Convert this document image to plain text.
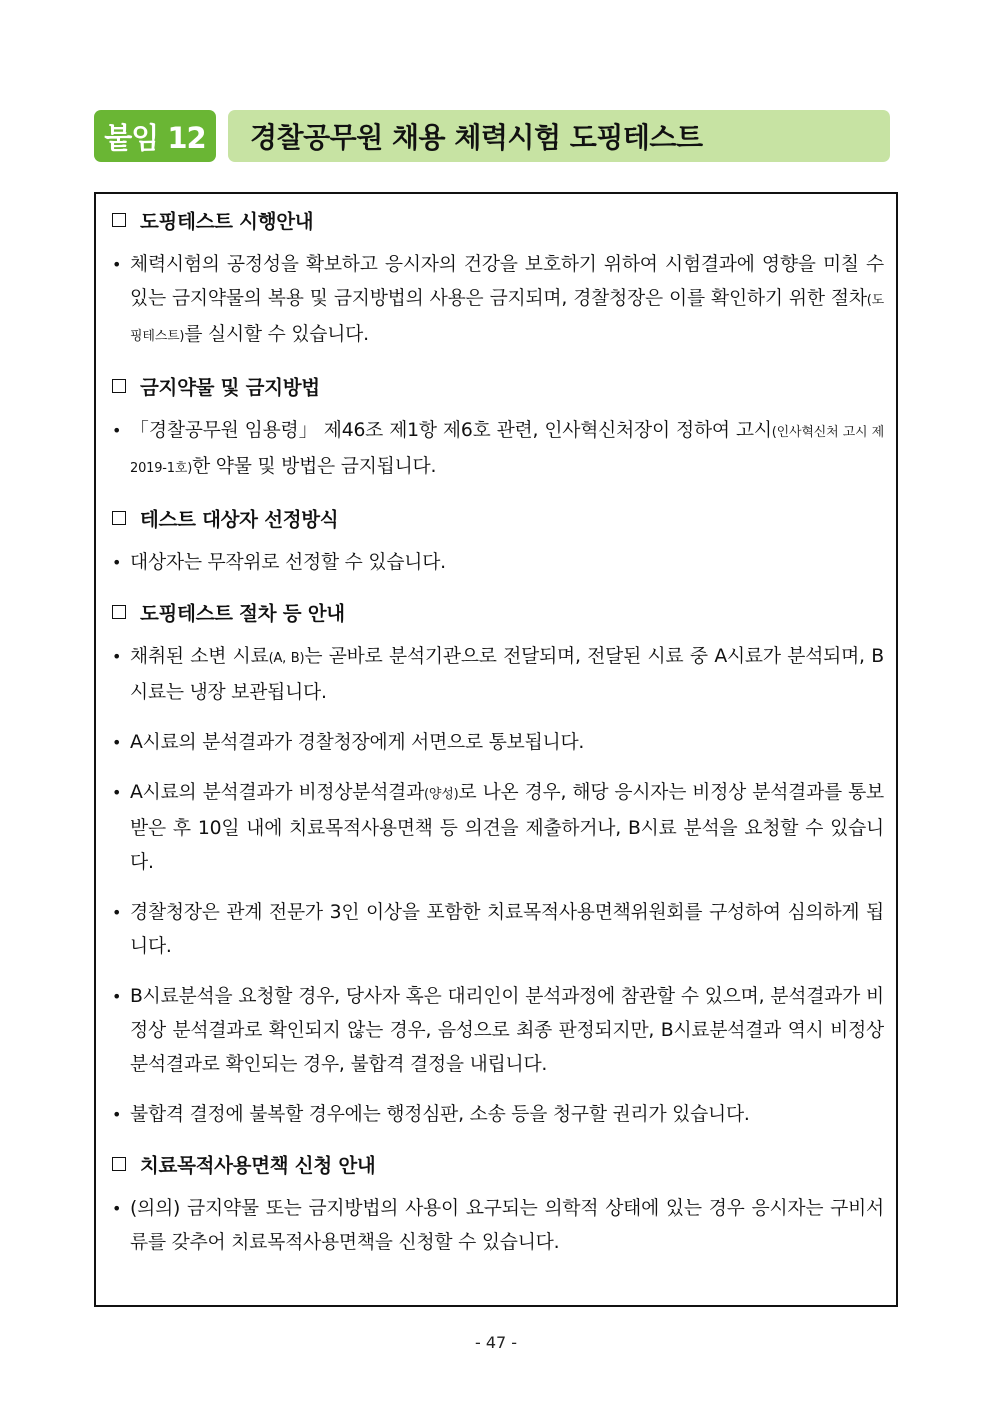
붙임 12	경찰공무원 채용 체력시험 도핑테스트
도핑테스트 시행안내
• 체력시험의 공정성을 확보하고 응시자의 건강을 보호하기 위하여 시험결과에 영향을 미칠 수 있는 금지약물의 복용 및 금지방법의 사용은 금지되며, 경찰청장은 이를 확인하기 위한 절차(도핑테스트)를 실시할 수 있습니다.
금지약물 및 금지방법
• 「경찰공무원 임용령」 제46조 제1항 제6호 관련, 인사혁신처장이 정하여 고시(인사혁신처 고시 제2019-1호)한 약물 및 방법은 금지됩니다.
테스트 대상자 선정방식
• 대상자는 무작위로 선정할 수 있습니다.
도핑테스트 절차 등 안내
• 채취된 소변 시료(A, B)는 곧바로 분석기관으로 전달되며, 전달된 시료 중 A시료가 분석되며, B시료는 냉장 보관됩니다.
• A시료의 분석결과가 경찰청장에게 서면으로 통보됩니다.
• A시료의 분석결과가 비정상분석결과(양성)로 나온 경우, 해당 응시자는 비정상 분석결과를 통보받은 후 10일 내에 치료목적사용면책 등 의견을 제출하거나, B시료 분석을 요청할 수 있습니다.
• 경찰청장은 관계 전문가 3인 이상을 포함한 치료목적사용면책위원회를 구성하여 심의하게 됩니다.
• B시료분석을 요청할 경우, 당사자 혹은 대리인이 분석과정에 참관할 수 있으며, 분석결과가 비정상 분석결과로 확인되지 않는 경우, 음성으로 최종 판정되지만, B시료분석결과 역시 비정상 분석결과로 확인되는 경우, 불합격 결정을 내립니다.
• 불합격 결정에 불복할 경우에는 행정심판, 소송 등을 청구할 권리가 있습니다.
치료목적사용면책 신청 안내
• (의의) 금지약물 또는 금지방법의 사용이 요구되는 의학적 상태에 있는 경우 응시자는 구비서류를 갖추어 치료목적사용면책을 신청할 수 있습니다.
- 47 -
